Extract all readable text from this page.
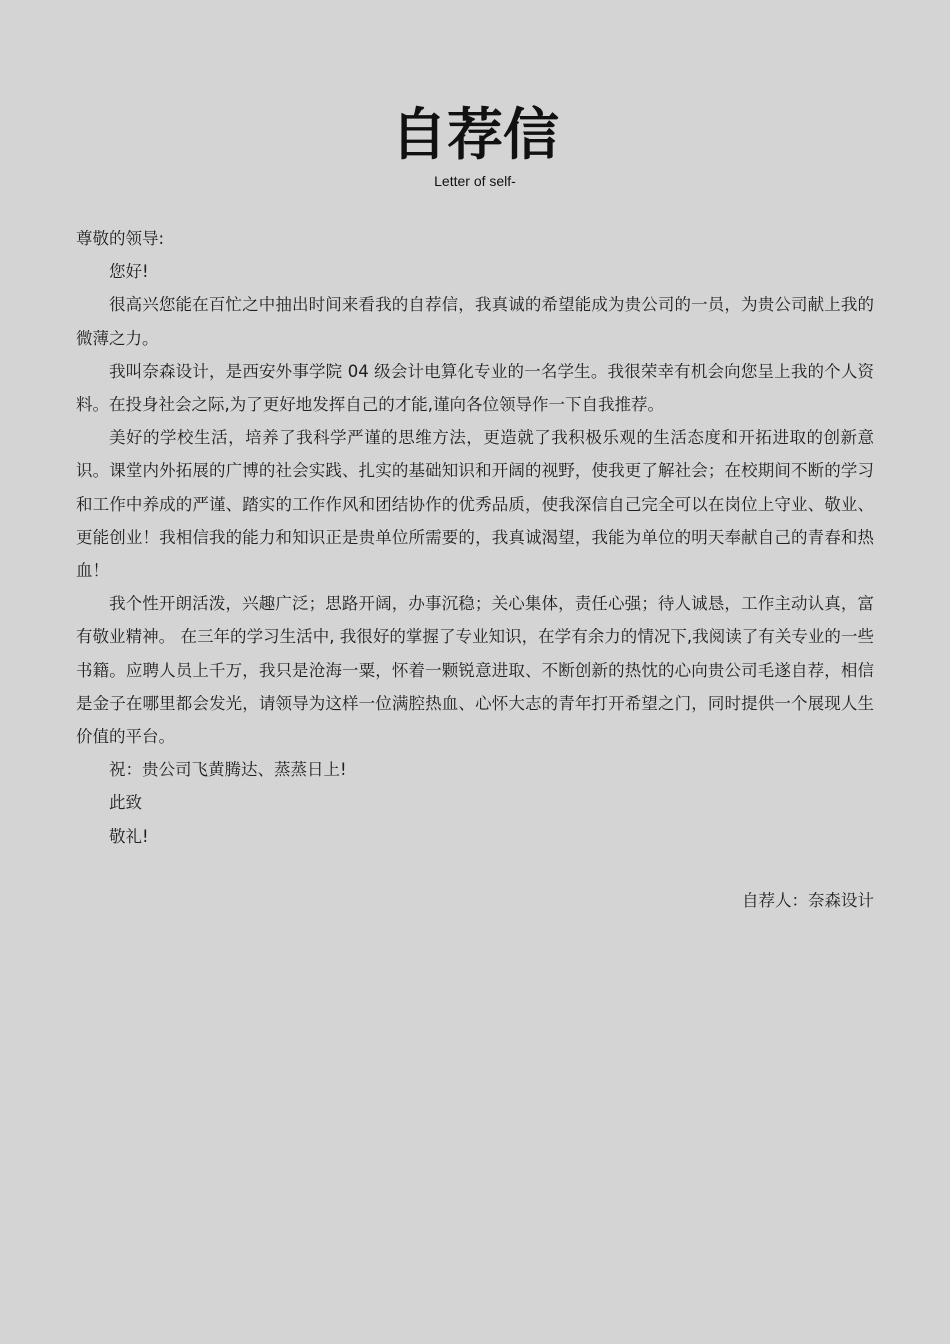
自荐信
Letter of self-

尊敬的领导:

您好!

很高兴您能在百忙之中抽出时间来看我的自荐信，我真诚的希望能成为贵公司的一员，为贵公司献上我的微薄之力。

我叫奈森设计，是西安外事学院 04 级会计电算化专业的一名学生。我很荣幸有机会向您呈上我的个人资料。在投身社会之际,为了更好地发挥自己的才能,谨向各位领导作一下自我推荐。

美好的学校生活，培养了我科学严谨的思维方法，更造就了我积极乐观的生活态度和开拓进取的创新意识。课堂内外拓展的广博的社会实践、扎实的基础知识和开阔的视野，使我更了解社会；在校期间不断的学习和工作中养成的严谨、踏实的工作作风和团结协作的优秀品质，使我深信自己完全可以在岗位上守业、敬业、更能创业！我相信我的能力和知识正是贵单位所需要的，我真诚渴望，我能为单位的明天奉献自己的青春和热血！

我个性开朗活泼，兴趣广泛；思路开阔，办事沉稳；关心集体，责任心强；待人诚恳，工作主动认真，富有敬业精神。 在三年的学习生活中, 我很好的掌握了专业知识，在学有余力的情况下,我阅读了有关专业的一些书籍。应聘人员上千万，我只是沧海一粟，怀着一颗锐意进取、不断创新的热忱的心向贵公司毛遂自荐，相信是金子在哪里都会发光，请领导为这样一位满腔热血、心怀大志的青年打开希望之门，同时提供一个展现人生价值的平台。

祝：贵公司飞黄腾达、蒸蒸日上!

此致

敬礼!

自荐人：奈森设计
